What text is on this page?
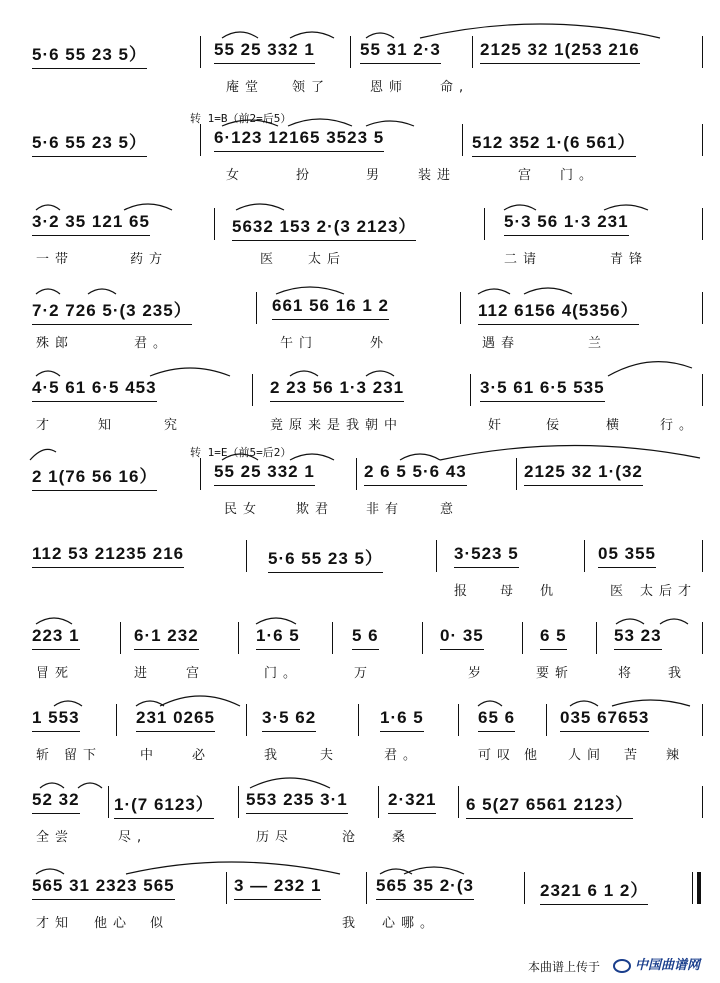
5·6 55 23 5）	55 25 332 1	55 31 2·3 2125 32 1(253 216
庵堂 领了	恩师 命,
转 1=B（前2=后5）
5·6 55 23 5）	6·123 12165 3523 5	512 352 1·(6 561）
女	扮	男	装进	宫 门。
3·2 35 121 65	5632 153 2·(3 2123）	5·3 56 1·3 231
一带	药方	医 太后	二请	青锋
7·2 726 5·(3 235）	661 56 16 1 2	112 6156 4(5356）
殊郎	君。	午门	外	遇春	兰
4·5 61 6·5 453	2 23 56 1·3 231	3·5 61 6·5 535
才	知	究	竟原来是我朝中	奸	佞	横	行。
转 1=E（前5=后2）
2 1(76 56 16）	55 25 332 1	2 6 5 5·6 43	2125 32 1·(32
民女	欺君 非有	意
112 53 21235 216	5·6 55 23 5）	3·523 5	05 355
报 母 仇	医 太后才
223 1	6·1 232	1·6 5	5 6	0· 35	6 5	53 23
冒死	进	宫	门。	万	岁	要斩	将 我
1 553	231 0265	3·5 62	1·6 5	65 6	035 67653
斩 留下	中	必	我	夫	君。	可叹 他 人间 苦 辣
52 32 1·(7 6123） 553 235 3·1 2·321 6 5(27 6561 2123）
全尝	尽,	历尽	沧 桑
565 31 2323 565	3 — 232 1	565 35 2·(3	2321 6 1 2）
才知 他心 似	我 心哪。
本曲谱上传于	中国曲谱网
